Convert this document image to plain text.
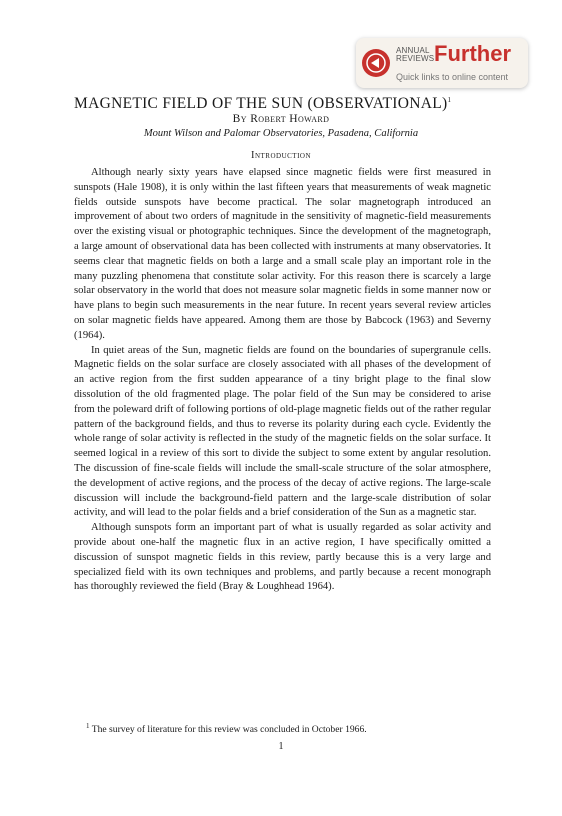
ANNUAL
REVIEWS Further
Quick links to online content
MAGNETIC FIELD OF THE SUN (OBSERVATIONAL)$^1$
By Robert Howard
Mount Wilson and Palomar Observatories, Pasadena, California
Introduction

Although nearly sixty years have elapsed since magnetic fields were first measured in sunspots (Hale 1908), it is only within the last fifteen years that measurements of weak magnetic fields outside sunspots have become practical. The solar magnetograph introduced an improvement of about two orders of magnitude in the sensitivity of magnetic-field measurements over the existing visual or photographic techniques. Since the development of the magnetograph, a large amount of observational data has been collected with instruments at many observatories. It seems clear that magnetic fields on both a large and a small scale play an important role in the many puzzling phenomena that constitute solar activity. For this reason there is scarcely a large solar observatory in the world that does not measure solar magnetic fields in some manner now or have plans to begin such measurements in the near future. In recent years several review articles on solar magnetic fields have appeared. Among them are those by Babcock (1963) and Severny (1964).

In quiet areas of the Sun, magnetic fields are found on the boundaries of supergranule cells. Magnetic fields on the solar surface are closely associated with all phases of the development of an active region from the first sudden appearance of a tiny bright plage to the final slow dissolution of the old fragmented plage. The polar field of the Sun may be considered to arise from the poleward drift of following portions of old-plage magnetic fields out of the rather regular pattern of the background fields, and thus to reverse its polarity during each cycle. Evidently the whole range of solar activity is reflected in the study of the magnetic fields on the solar surface. It seemed logical in a review of this sort to divide the subject to some extent by angular resolution. The discussion of fine-scale fields will include the small-scale structure of the solar atmosphere, the development of active regions, and the process of the decay of active regions. The large-scale discussion will include the background-field pattern and the large-scale distribution of solar activity, and will lead to the polar fields and a brief consideration of the Sun as a magnetic star.

Although sunspots form an important part of what is usually regarded as solar activity and provide about one-half the magnetic flux in an active region, I have specifically omitted a discussion of sunspot magnetic fields in this review, partly because this is a very large and specialized field with its own techniques and problems, and partly because a recent monograph has thoroughly reviewed the field (Bray & Loughhead 1964).

$^1$ The survey of literature for this review was concluded in October 1966.
1
